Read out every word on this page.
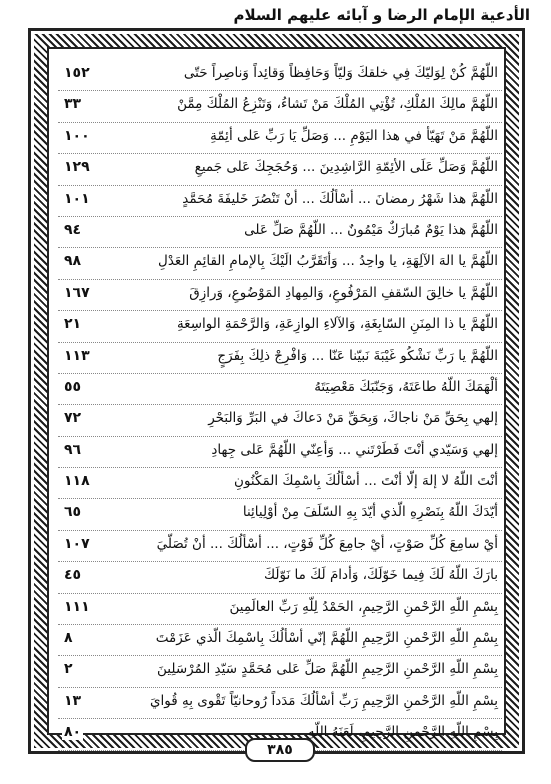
الأدعية الإمام الرضا و آبائه عليهم السلام
اللّهُمَّ كُنْ لِوَليّكَ فِي خلقكَ وَليّاً وَحَافِظاً وَقائِداً وَناصِراً حَتّى
١٥٢
اللّهُمَّ مالِكَ المُلْكِ، تُؤْتِي المُلْكَ مَنْ تَشاءُ، وَتَنْزِعُ المُلْكَ مِمَّنْ
٣٣
اللّهُمَّ مَنْ تَهَيّأ في هذا اليَوْمِ ... وَصَلِّ يَا رَبِّ عَلى أئِمّةِ
١٠٠
اللّهُمَّ وَصَلِّ عَلَى الأئِمّةِ الرَّاشِدِينَ ... وَحُجَجِكَ عَلى جَميعِ
١٢٩
اللّهُمَّ هذا شَهْرُ رمضانَ ... أسْألُكَ ... أنْ تَنْصُرَ خَليفَةَ مُحَمَّدٍ
١٠١
اللّهُمَّ هذا يَوْمٌ مُبارَكٌ مَيْمُونٌ ... اللّهُمَّ صَلِّ عَلى
٩٤
اللّهُمَّ يا الهَ الآلِهَةِ، يا واحِدُ ... وَأتَقَرَّبُ الَيْكَ بِالإمامِ القائِمِ العَدْلِ
٩٨
اللّهُمَّ يا خالِقَ السّقفِ المَرْفُوعِ، وَالمِهادِ المَوْضُوعِ، وَرازِقَ
١٦٧
اللّهُمَّ يا ذا المِنَنِ السّابِغَةِ، وَالآلاءِ الوازِعَةِ، وَالرَّحْمَةِ الواسِعَةِ
٢١
اللّهُمَّ يا رَبِّ نَشْكُو غَيْبَةَ نَبيّنا عَنّا ... وَافْرِجْ ذلِكَ بِفَرَجٍ
١١٣
ألْهَمَكَ اللّهُ طاعَتَهُ، وَجَنّبَكَ مَعْصِيَتَهُ
٥٥
إلهي بِحَقِّ مَنْ ناجاكَ، وَبِحَقِّ مَنْ دَعاكَ في البَرِّ وَالبَحْرِ
٧٢
إلهي وَسَيّدي أنْتَ فَطَرْتَني ... وَأعِنّي اللّهُمَّ عَلى جِهادِ
٩٦
أنْتَ اللّهُ لا إلهَ إلّا أنْتَ ... أسْألُكَ بِاسْمِكَ المَكْنُونِ
١١٨
أيّدَكَ اللّهُ بِنَصْرِهِ الّذي أيّدَ بِهِ السّلَفَ مِنْ أوْلِيائِنا
٦٥
أيْ سامِعَ كُلِّ صَوْتٍ، أيْ جامِعَ كُلِّ فَوْتٍ، ... أسْألُكَ ... أنْ تُصَلّيَ
١٠٧
بارَكَ اللّهُ لَكَ فِيما خَوّلَكَ، وَأدامَ لَكَ ما نَوّلَكَ
٤٥
بِسْمِ اللّهِ الرَّحْمنِ الرَّحِيمِ، الحَمْدُ لِلّهِ رَبِّ العالَمِينَ
١١١
بِسْمِ اللّهِ الرَّحْمنِ الرَّحِيمِ اللّهُمَّ إنّي أسْألُكَ بِاسْمِكَ الّذي عَزَمْتَ
٨
بِسْمِ اللّهِ الرَّحْمنِ الرَّحِيمِ اللّهُمَّ صَلِّ عَلى مُحَمَّدٍ سَيّدِ المُرْسَلِينَ
٢
بِسْمِ اللّهِ الرَّحْمنِ الرَّحِيمِ رَبِّ أسْألُكَ مَدَداً رُوحانيّاً تَقْوى بِهِ قُوايَ
١٣
بِسْمِ اللّهِ الرَّحْمنِ الرَّحِيمِ، لَعَنَهُ اللّهِ
٨٠
٣٨٥
